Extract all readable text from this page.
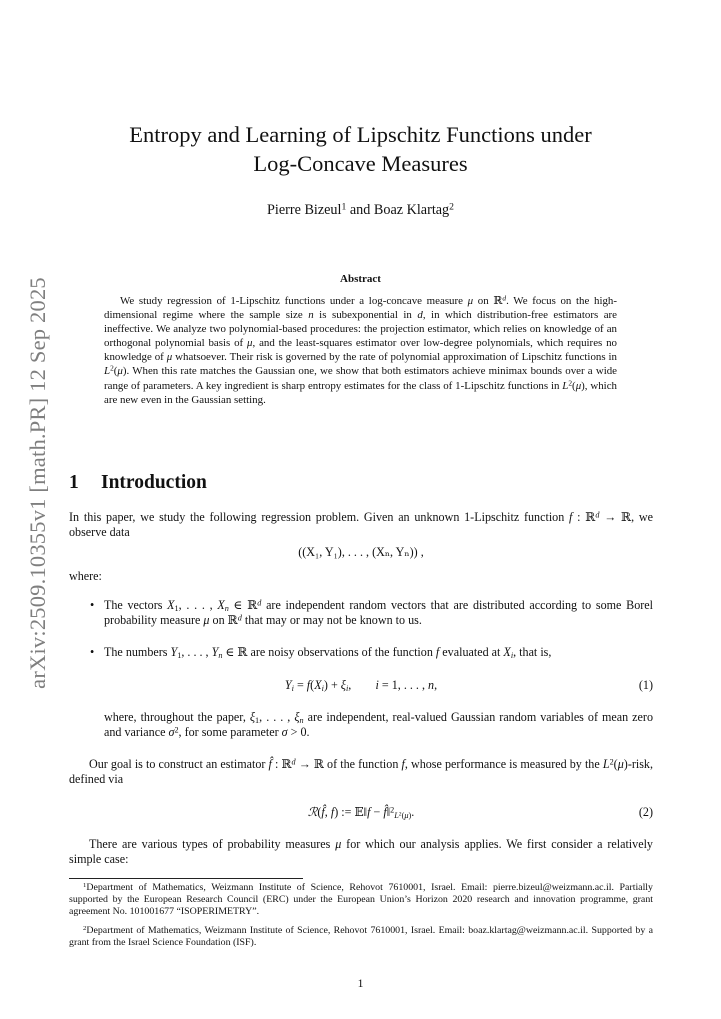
arXiv:2509.10355v1 [math.PR] 12 Sep 2025
Entropy and Learning of Lipschitz Functions under
Log-Concave Measures
Pierre Bizeul$^1$ and Boaz Klartag$^2$
Abstract
We study regression of 1-Lipschitz functions under a log-concave measure μ on ℝ$^d$. We focus on the high-dimensional regime where the sample size n is subexponential in d, in which distribution-free estimators are ineffective. We analyze two polynomial-based procedures: the projection estimator, which relies on knowledge of an orthogonal polynomial basis of μ, and the least-squares estimator over low-degree polynomials, which requires no knowledge of μ whatsoever. Their risk is governed by the rate of polynomial approximation of Lipschitz functions in $L^2(\mu)$. When this rate matches the Gaussian one, we show that both estimators achieve minimax bounds over a wide range of parameters. A key ingredient is sharp entropy estimates for the class of 1-Lipschitz functions in $L^2(\mu)$, which are new even in the Gaussian setting.
1 Introduction
In this paper, we study the following regression problem. Given an unknown 1-Lipschitz function f : ℝ$^d$ → ℝ, we observe data
((X₁, Y₁), . . . , (Xₙ, Yₙ)) ,
where:
• The vectors $X_1$, . . . , $X_n$ ∈ ℝ$^d$ are independent random vectors that are distributed according to some Borel probability measure μ on ℝ$^d$ that may or may not be known to us.
• The numbers $Y_1$, . . . , $Y_n$ ∈ ℝ are noisy observations of the function f evaluated at $X_i$, that is,
$Y_i = f(X_i) + \xi_i$,        i = 1, . . . , n,	(1)
where, throughout the paper, $\xi_1$, . . . , $\xi_n$ are independent, real-valued Gaussian random variables of mean zero and variance $\sigma^2$, for some parameter σ > 0.
Our goal is to construct an estimator f̂ : ℝ$^d$ → ℝ of the function f, whose performance is measured by the $L^2(\mu)$-risk, defined via
ℛ(f̂, f) := 𝔼‖f − f̂‖$^2_{L^2(\mu)}$.	(2)
There are various types of probability measures μ for which our analysis applies. We first consider a relatively simple case:
$^1$Department of Mathematics, Weizmann Institute of Science, Rehovot 7610001, Israel. Email: pierre.bizeul@weizmann.ac.il. Partially supported by the European Research Council (ERC) under the European Union’s Horizon 2020 research and innovation programme, grant agreement No. 101001677 “ISOPERIMETRY”.
$^2$Department of Mathematics, Weizmann Institute of Science, Rehovot 7610001, Israel. Email: boaz.klartag@weizmann.ac.il. Supported by a grant from the Israel Science Foundation (ISF).
1
